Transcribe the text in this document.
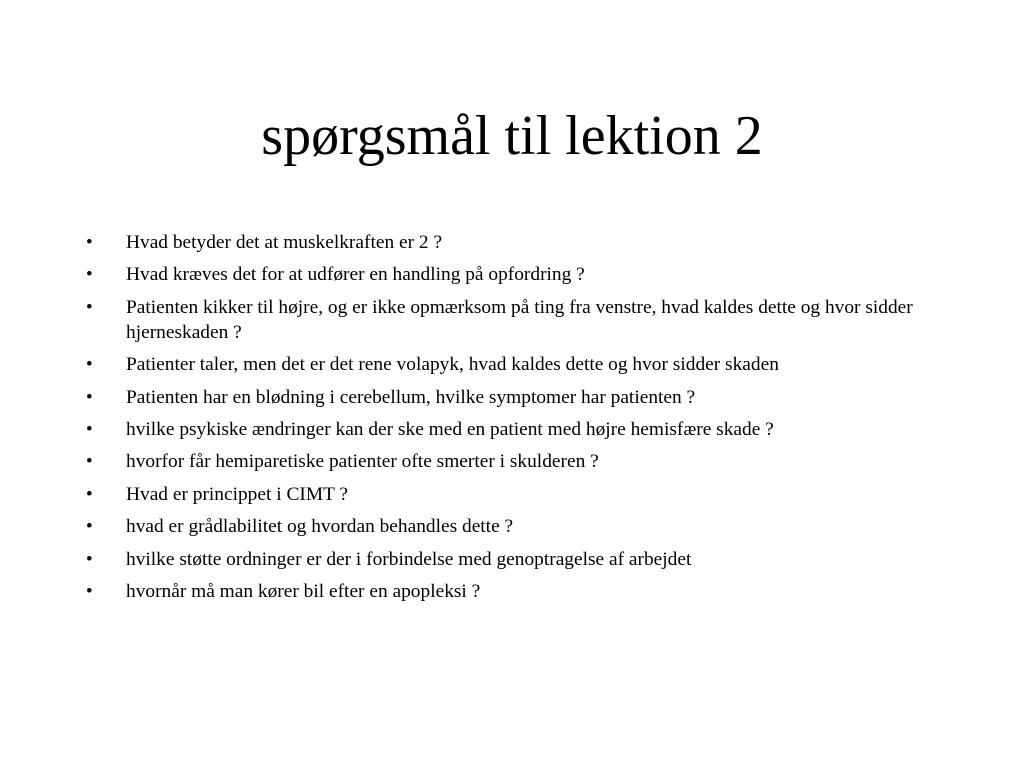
spørgsmål til lektion 2
• Hvad betyder det at muskelkraften er 2 ?
• Hvad kræves det for at udfører en handling på opfordring ?
• Patienten kikker til højre, og er ikke opmærksom på ting fra venstre, hvad kaldes dette og hvor sidder hjerneskaden ?
• Patienter taler, men det er det rene volapyk, hvad kaldes dette og hvor sidder skaden
• Patienten har en blødning i cerebellum, hvilke symptomer har patienten ?
• hvilke psykiske ændringer kan der ske med en patient med højre hemisfære skade ?
• hvorfor får hemiparetiske patienter ofte smerter i skulderen ?
• Hvad er princippet i CIMT ?
• hvad er grådlabilitet og hvordan behandles dette ?
• hvilke støtte ordninger er der i forbindelse med genoptragelse af arbejdet
• hvornår må man kører bil efter en apopleksi ?
